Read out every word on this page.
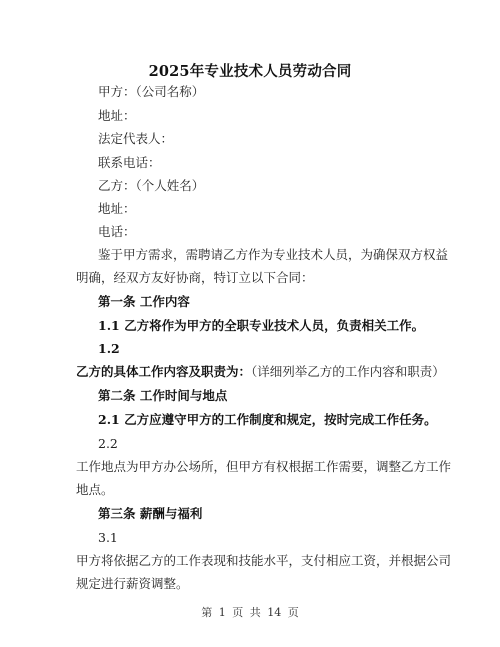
2025年专业技术人员劳动合同
甲方：（公司名称）
地址：
法定代表人：
联系电话：
乙方：（个人姓名）
地址：
电话：
鉴于甲方需求，需聘请乙方作为专业技术人员，为确保双方权益
明确，经双方友好协商，特订立以下合同：
第一条 工作内容
1.1 乙方将作为甲方的全职专业技术人员，负责相关工作。
1.2
乙方的具体工作内容及职责为：（详细列举乙方的工作内容和职责）
第二条 工作时间与地点
2.1 乙方应遵守甲方的工作制度和规定，按时完成工作任务。
2.2
工作地点为甲方办公场所，但甲方有权根据工作需要，调整乙方工作
地点。
第三条 薪酬与福利
3.1
甲方将依据乙方的工作表现和技能水平，支付相应工资，并根据公司
规定进行薪资调整。
第 1 页 共 14 页
